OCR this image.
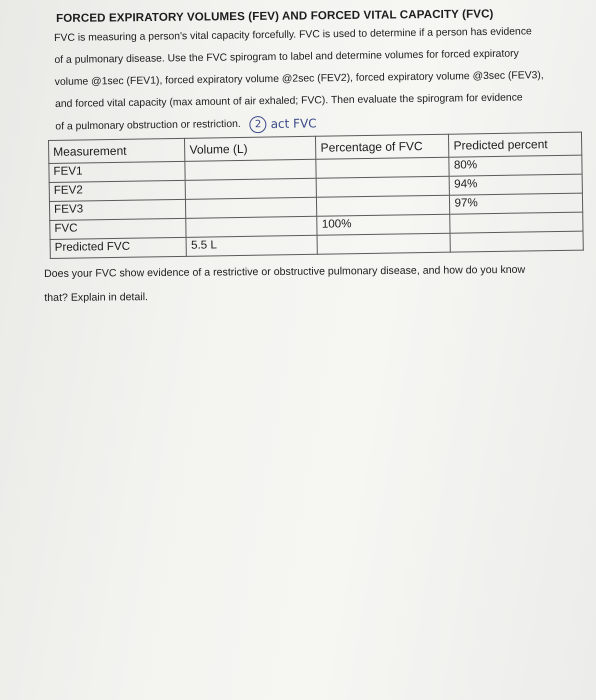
FORCED EXPIRATORY VOLUMES (FEV) AND FORCED VITAL CAPACITY (FVC)
FVC is measuring a person's vital capacity forcefully. FVC is used to determine if a person has evidence
of a pulmonary disease. Use the FVC spirogram to label and determine volumes for forced expiratory
volume @1sec (FEV1), forced expiratory volume @2sec (FEV2), forced expiratory volume @3sec (FEV3),
and forced vital capacity (max amount of air exhaled; FVC). Then evaluate the spirogram for evidence
of a pulmonary obstruction or restriction.	2 act FVC
Measurement	Volume (L)	Percentage of FVC	Predicted percent
FEV1			80%
FEV2			94%
FEV3			97%
FVC		100%	
Predicted FVC	5.5 L		
Does your FVC show evidence of a restrictive or obstructive pulmonary disease, and how do you know
that? Explain in detail.
